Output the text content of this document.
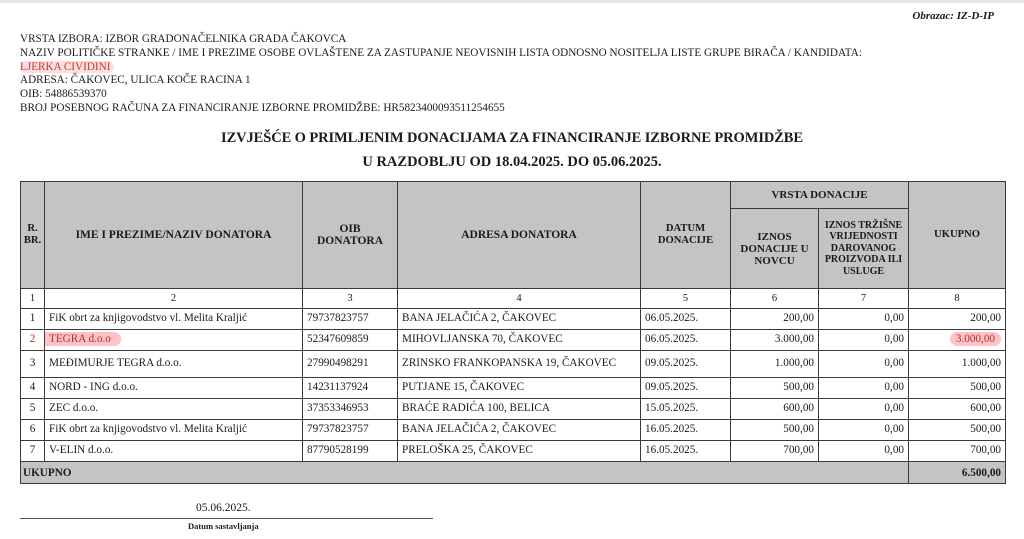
Obrazac: IZ-D-IP
VRSTA IZBORA: IZBOR GRADONAČELNIKA GRADA ČAKOVCA
NAZIV POLITIČKE STRANKE / IME I PREZIME OSOBE OVLAŠTENE ZA ZASTUPANJE NEOVISNIH LISTA ODNOSNO NOSITELJA LISTE GRUPE BIRAČA / KANDIDATA:
LJERKA CIVIDINI
ADRESA: ČAKOVEC, ULICA KOČE RACINA 1
OIB: 54886539370
BROJ POSEBNOG RAČUNA ZA FINANCIRANJE IZBORNE PROMIDŽBE: HR5823400093511254655
IZVJEŠĆE O PRIMLJENIM DONACIJAMA ZA FINANCIRANJE IZBORNE PROMIDŽBE
U RAZDOBLJU OD 18.04.2025. DO 05.06.2025.
R. BR.	IME I PREZIME/NAZIV DONATORA	OIB DONATORA	ADRESA DONATORA	DATUM DONACIJE	VRSTA DONACIJE		UKUPNO
					IZNOS DONACIJE U NOVCU	IZNOS TRŽIŠNE VRIJEDNOSTI DAROVANOG PROIZVODA ILI USLUGE	
1	2	3	4	5	6	7	8
1	FiK obrt za knjigovodstvo vl. Melita Kraljić	79737823757	BANA JELAČIĆA 2, ČAKOVEC	06.05.2025.	200,00	0,00	200,00
2	TEGRA d.o.o	52347609859	MIHOVLJANSKA 70, ČAKOVEC	06.05.2025.	3.000,00	0,00	3.000,00
3	MEĐIMURJE TEGRA d.o.o.	27990498291	ZRINSKO FRANKOPANSKA 19, ČAKOVEC	09.05.2025.	1.000,00	0,00	1.000,00
4	NORD - ING d.o.o.	14231137924	PUTJANE 15, ČAKOVEC	09.05.2025.	500,00	0,00	500,00
5	ZEC d.o.o.	37353346953	BRAĆE RADIĆA 100, BELICA	15.05.2025.	600,00	0,00	600,00
6	FiK obrt za knjigovodstvo vl. Melita Kraljić	79737823757	BANA JELAČIĆA 2, ČAKOVEC	16.05.2025.	500,00	0,00	500,00
7	V-ELIN d.o.o.	87790528199	PRELOŠKA 25, ČAKOVEC	16.05.2025.	700,00	0,00	700,00
UKUPNO							6.500,00
05.06.2025.
Datum sastavljanja
